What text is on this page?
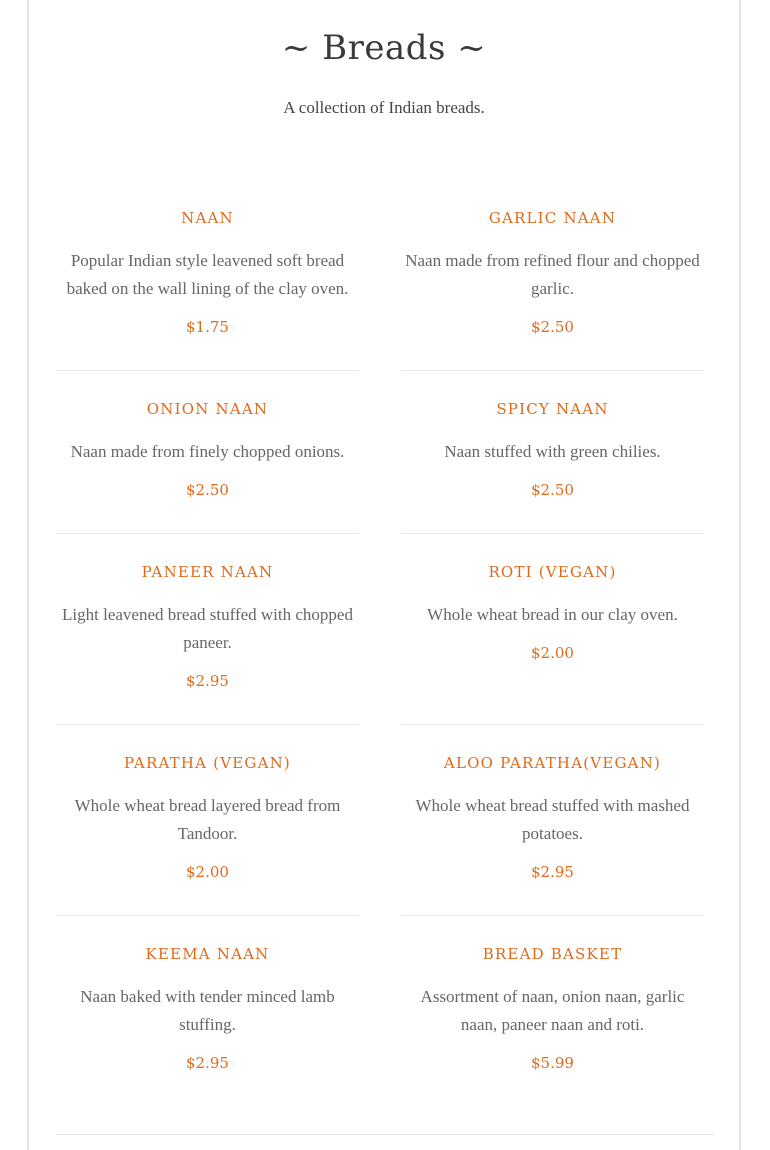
~ Breads ~
A collection of Indian breads.
NAAN
Popular Indian style leavened soft bread baked on the wall lining of the clay oven.
$1.75
GARLIC NAAN
Naan made from refined flour and chopped garlic.
$2.50
ONION NAAN
Naan made from finely chopped onions.
$2.50
SPICY NAAN
Naan stuffed with green chilies.
$2.50
PANEER NAAN
Light leavened bread stuffed with chopped paneer.
$2.95
ROTI (VEGAN)
Whole wheat bread in our clay oven.
$2.00
PARATHA (VEGAN)
Whole wheat bread layered bread from Tandoor.
$2.00
ALOO PARATHA(VEGAN)
Whole wheat bread stuffed with mashed potatoes.
$2.95
KEEMA NAAN
Naan baked with tender minced lamb stuffing.
$2.95
BREAD BASKET
Assortment of naan, onion naan, garlic naan, paneer naan and roti.
$5.99
